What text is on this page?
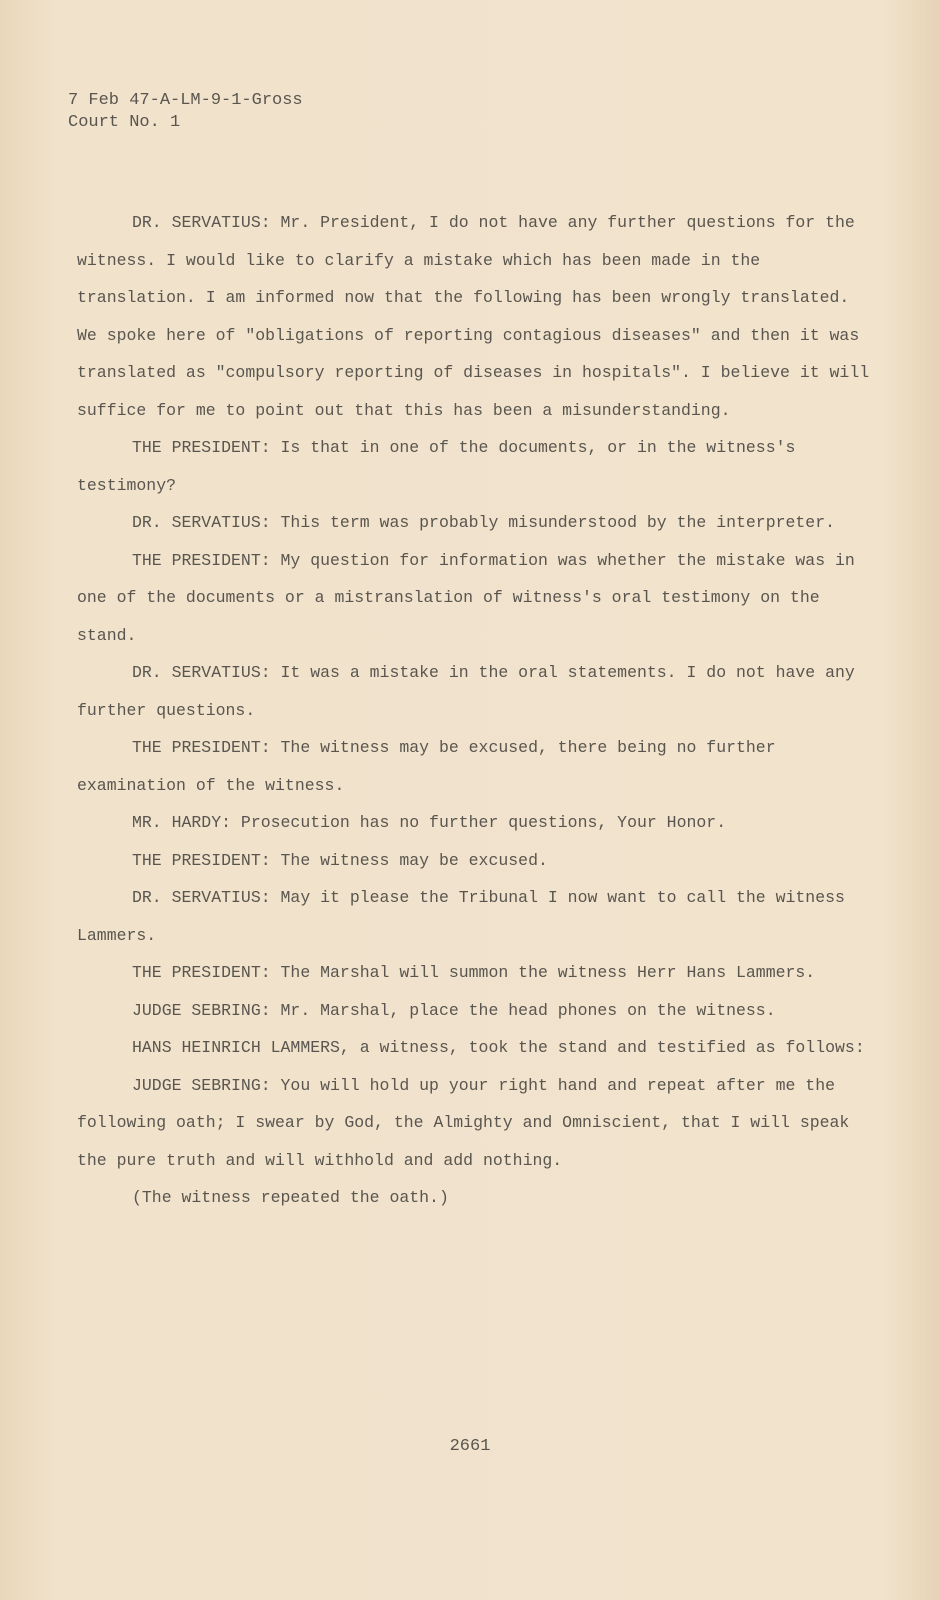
7 Feb 47-A-LM-9-1-Gross
Court No. 1

DR. SERVATIUS: Mr. President, I do not have any further questions for the witness. I would like to clarify a mistake which has been made in the translation. I am informed now that the following has been wrongly translated. We spoke here of "obligations of reporting contagious diseases" and then it was translated as "compulsory reporting of diseases in hospitals". I believe it will suffice for me to point out that this has been a misunderstanding.

THE PRESIDENT: Is that in one of the documents, or in the witness's testimony?

DR. SERVATIUS: This term was probably misunderstood by the interpreter.

THE PRESIDENT: My question for information was whether the mistake was in one of the documents or a mistranslation of witness's oral testimony on the stand.

DR. SERVATIUS: It was a mistake in the oral statements. I do not have any further questions.

THE PRESIDENT: The witness may be excused, there being no further examination of the witness.

MR. HARDY: Prosecution has no further questions, Your Honor.

THE PRESIDENT: The witness may be excused.

DR. SERVATIUS: May it please the Tribunal I now want to call the witness Lammers.

THE PRESIDENT: The Marshal will summon the witness Herr Hans Lammers.

JUDGE SEBRING: Mr. Marshal, place the head phones on the witness.

HANS HEINRICH LAMMERS, a witness, took the stand and testified as follows:

JUDGE SEBRING: You will hold up your right hand and repeat after me the following oath; I swear by God, the Almighty and Omniscient, that I will speak the pure truth and will withhold and add nothing.

(The witness repeated the oath.)

2661
